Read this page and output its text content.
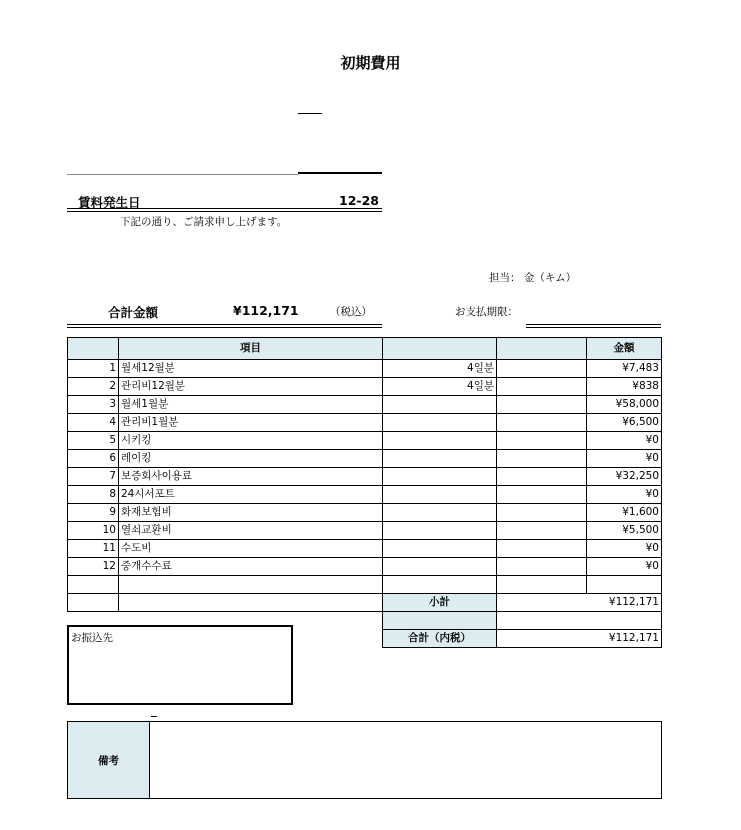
初期費用
賃料発生日	12-28
下記の通り、ご請求申し上げます。
担当： 金（キム）
合計金額	¥112,171	（税込）	お支払期限：
	項目			金額
1	월세12월분	4일분		¥7,483
2	관리비12월분	4일분		¥838
3	월세1월분			¥58,000
4	관리비1월분			¥6,500
5	시키킹			¥0
6	레이킹			¥0
7	보증회사이용료			¥32,250
8	24시서포트			¥0
9	화재보험비			¥1,600
10	열쇠교환비			¥5,500
11	수도비			¥0
12	중개수수료			¥0

		小計	¥112,171	

		合計（内税）	¥112,171	
お振込先
備考
